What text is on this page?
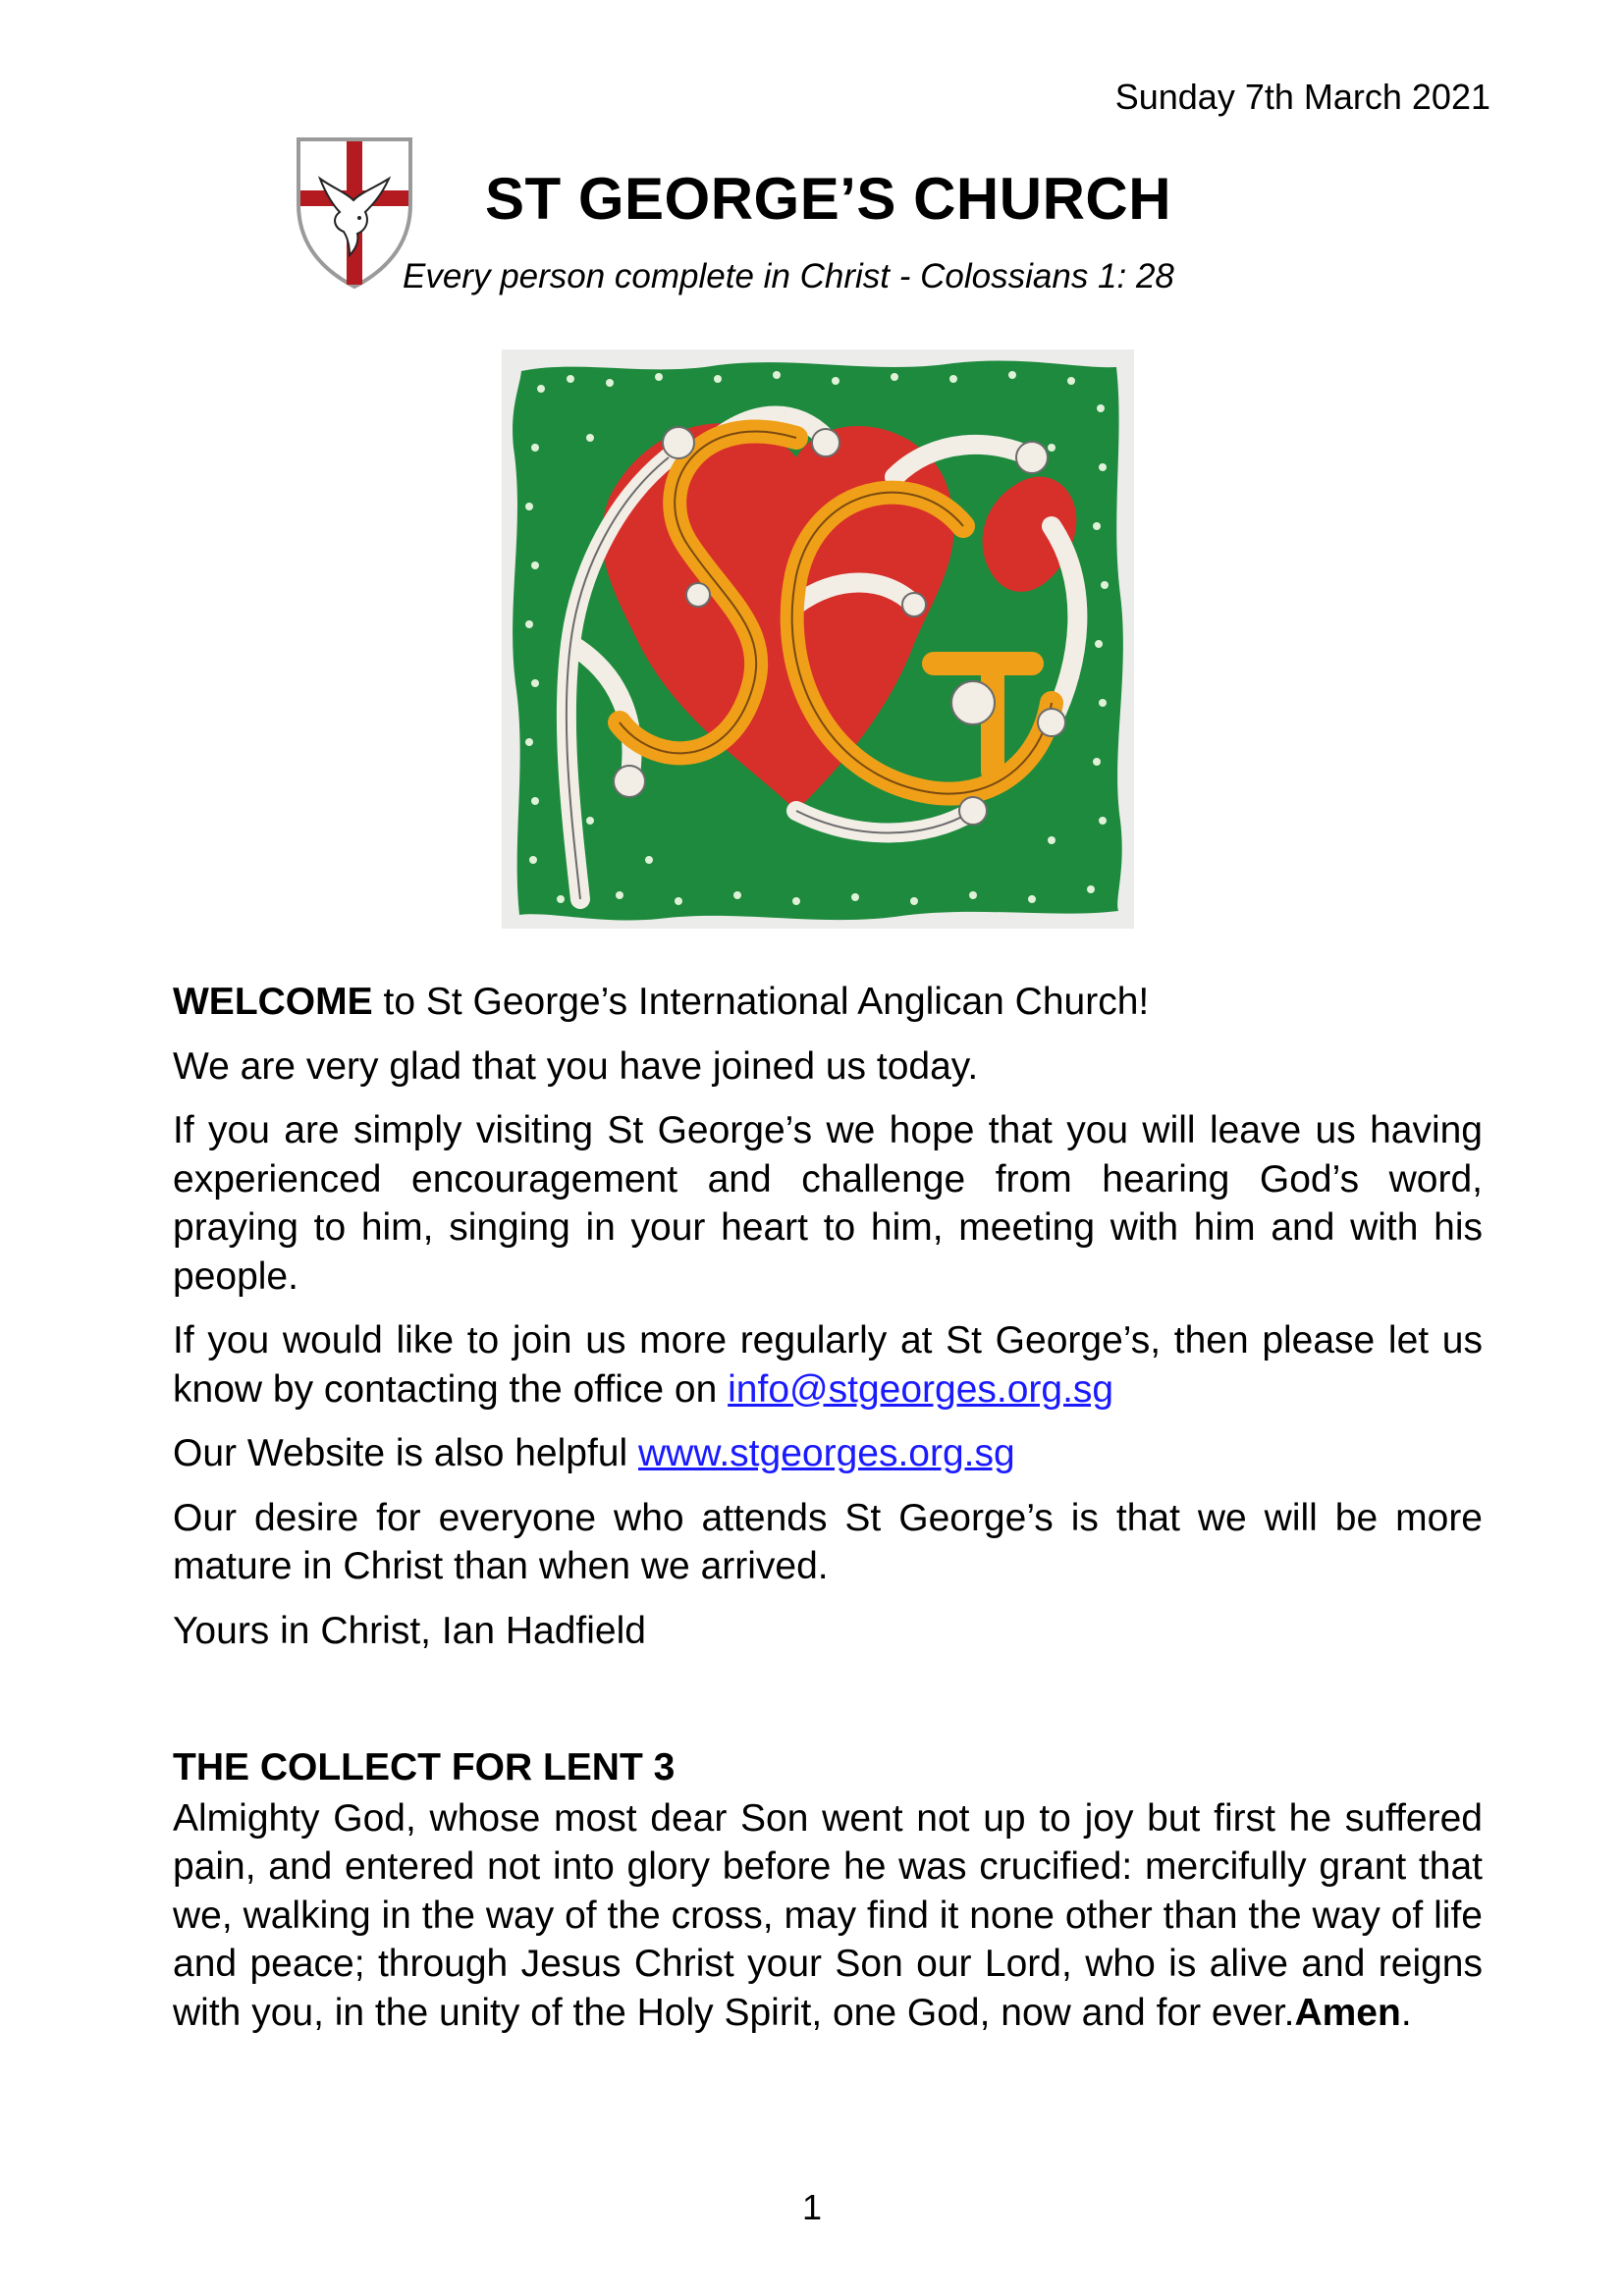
Sunday 7th March 2021
ST GEORGE’S CHURCH
Every person complete in Christ - Colossians 1: 28

WELCOME to St George’s International Anglican Church!

We are very glad that you have joined us today.

If you are simply visiting St George’s we hope that you will leave us having experienced encouragement and challenge from hearing God’s word, praying to him, singing in your heart to him, meeting with him and with his people.

If you would like to join us more regularly at St George’s, then please let us know by contacting the office on info@stgeorges.org.sg

Our Website is also helpful www.stgeorges.org.sg

Our desire for everyone who attends St George’s is that we will be more mature in Christ than when we arrived.

Yours in Christ, Ian Hadfield

THE COLLECT FOR LENT 3

Almighty God, whose most dear Son went not up to joy but first he suffered pain, and entered not into glory before he was crucified: mercifully grant that we, walking in the way of the cross, may find it none other than the way of life and peace; through Jesus Christ your Son our Lord, who is alive and reigns with you, in the unity of the Holy Spirit, one God, now and for ever.Amen.

1
